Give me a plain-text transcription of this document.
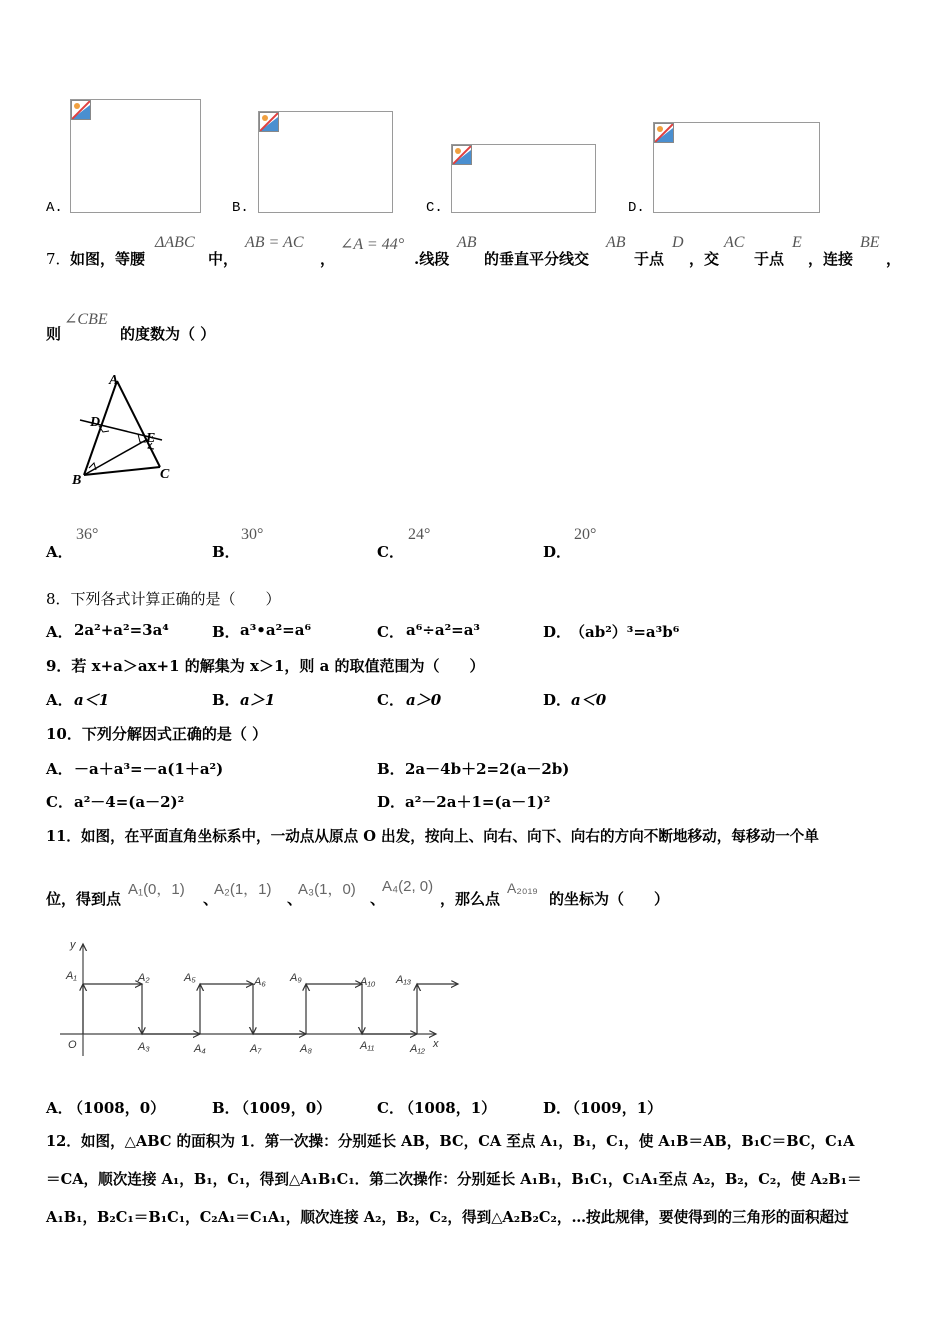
A.	B.	C.	D.
7． 如图，等腰
ΔABC
中，
AB = AC
，
∠A = 44°
.线段
AB
的垂直平分线交
AB
于点
D
，交
AC
于点
E
，连接
BE
，
则
∠CBE
的度数为（ ）
A
D
E
B	C
A．
36°
B．
30°
C．
24°
D．
20°
8．下列各式计算正确的是（　　）
A． 2a²+a²=3a⁴	B． a³•a²=a⁶	C． a⁶÷a²=a³	D．
（ab²）³=a³b⁶
9．若 x+a＞ax+1 的解集为 x＞1，则 a 的取值范围为（　　）
A． a＜1	B． a＞1	C． a＞0	D． a＜0
10．下列分解因式正确的是（ ）
A． －a＋a³=－a(1＋a²)	B． 2a－4b＋2=2(a－2b)
C． a²－4=(a－2)²	D． a²－2a＋1=(a－1)²
11．如图，在平面直角坐标系中，一动点从原点 O 出发，按向上、向右、向下、向右的方向不断地移动，每移动一个单
位，得到点
A₁(0，1)
、
A₂(1，1)
、
A₃(1，0)
、
A₄(2, 0)
，那么点
A₂₀₁₉
的坐标为（　　）
y
x
O
A₁	A₂	A₅	A₆ A₉	A₁₀ A₁₃
A₃	A₄	A₇	A₈	A₁₁	A₁₂
A．
（1008，0）	B．
（1009，0）	C．
（1008，1）	D．
（1009，1）
12．如图，△ABC 的面积为 1．第一次操：分别延长 AB，BC，CA 至点 A₁，B₁，C₁，使 A₁B＝AB，B₁C＝BC，C₁A
＝CA，顺次连接 A₁，B₁，C₁，得到△A₁B₁C₁．第二次操作：分别延长 A₁B₁，B₁C₁，C₁A₁至点 A₂，B₂，C₂，使 A₂B₁＝
A₁B₁，B₂C₁＝B₁C₁，C₂A₁＝C₁A₁，顺次连接 A₂，B₂，C₂，得到△A₂B₂C₂，…按此规律，要使得到的三角形的面积超过
